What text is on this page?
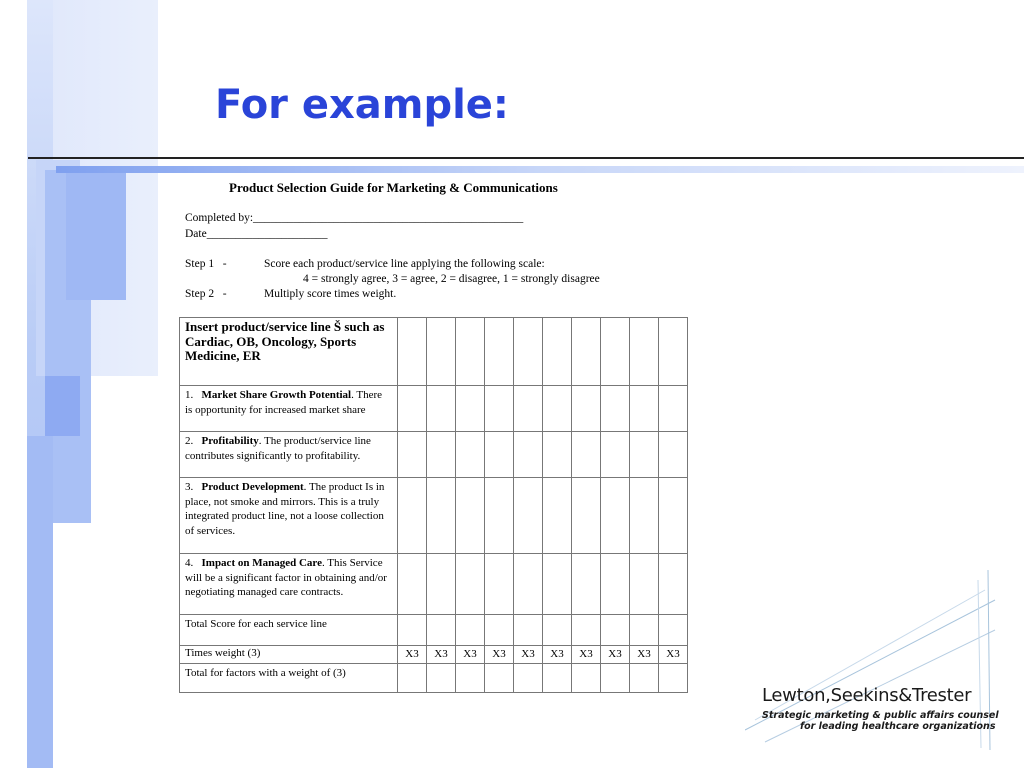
For example:
Product Selection Guide for Marketing & Communications
Completed by:_______________________________________________
Date_____________________
Step 1   -	Score each product/service line applying the following scale:
4 = strongly agree, 3 = agree, 2 = disagree, 1 = strongly disagree
Step 2   -	Multiply score times weight.
Insert product/service line Š such as Cardiac, OB, Oncology, Sports Medicine, ER										
1. Market Share Growth Potential. There is opportunity for increased market share										
2. Profitability. The product/service line contributes significantly to profitability.										
3. Product Development. The product Is in place, not smoke and mirrors. This is a truly integrated product line, not a loose collection of services.										
4. Impact on Managed Care. This Service will be a significant factor in obtaining and/or negotiating managed care contracts.										
Total Score for each service line										
Times weight (3)	X3	X3	X3	X3	X3	X3	X3	X3	X3	X3
Total for factors with a weight of (3)										
Lewton,Seekins&Trester
Strategic marketing & public affairs counsel
for leading healthcare organizations
